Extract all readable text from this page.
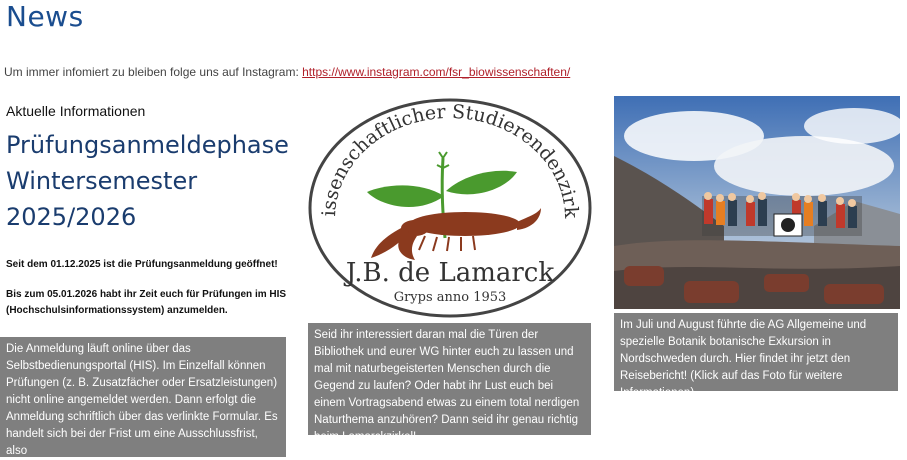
News
Um immer infomiert zu bleiben folge uns auf Instagram: https://www.instagram.com/fsr_biowissenschaften/
Aktuelle Informationen
Prüfungsanmeldephase
Wintersemester
2025/2026
Seit dem 01.12.2025 ist die Prüfungsanmeldung geöffnet!
Bis zum 05.01.2026 habt ihr Zeit euch für Prüfungen im HIS (Hochschulsinformationssystem) anzumelden.
Die Anmeldung läuft online über das Selbstbedienungsportal (HIS). Im Einzelfall können Prüfungen (z. B. Zusatzfächer oder Ersatzleistungen) nicht online angemeldet werden. Dann erfolgt die Anmeldung schriftlich über das verlinkte Formular. Es handelt sich bei der Frist um eine Ausschlussfrist, also
issenschaftlicher Studierendenzirk
J.B. de Lamarck
Gryps anno 1953
Seid ihr interessiert daran mal die Türen der Bibliothek und eurer WG hinter euch zu lassen und mal mit naturbegeisterten Menschen durch die Gegend zu laufen? Oder habt ihr Lust euch bei einem Vortragsabend etwas zu einem total nerdigen Naturthema anzuhören? Dann seid ihr genau richtig beim Lamarckzirkel!
Im Juli und August führte die AG Allgemeine und spezielle Botanik botanische Exkursion in Nordschweden durch. Hier findet ihr jetzt den Reisebericht! (Klick auf das Foto für weitere Informationen)
